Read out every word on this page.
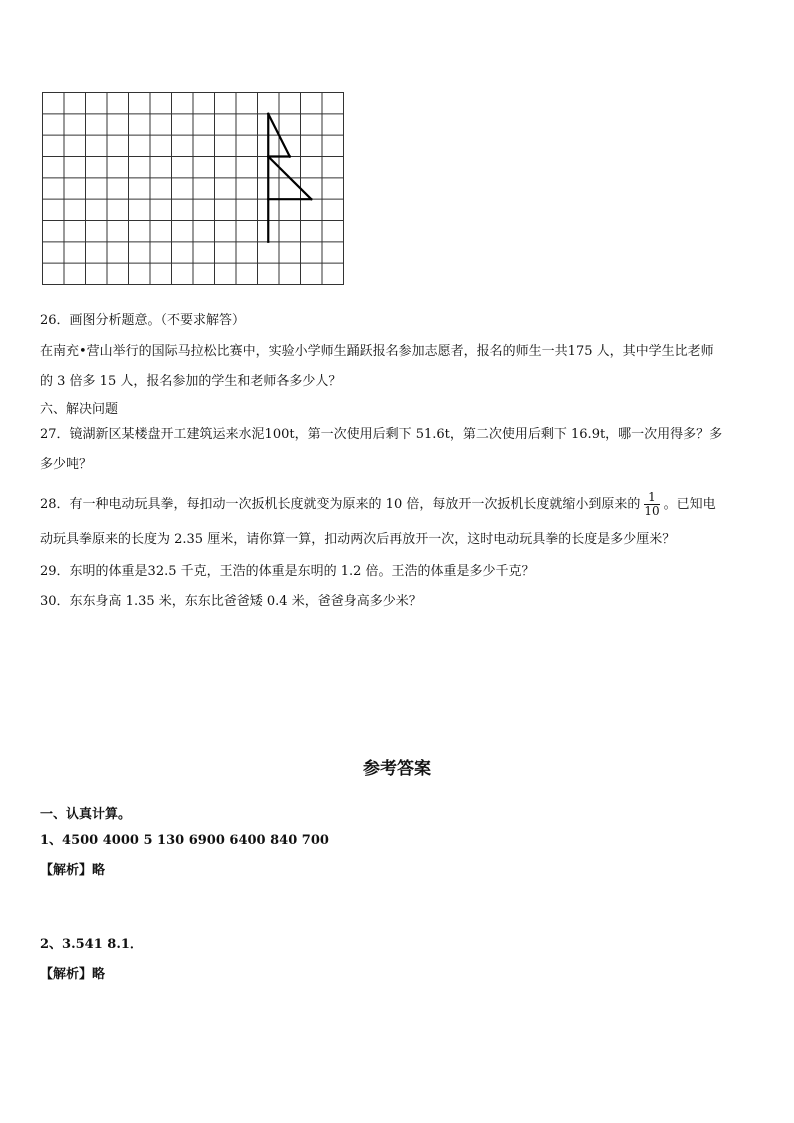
26．画图分析题意。（不要求解答）
在南充•营山举行的国际马拉松比赛中，实验小学师生踊跃报名参加志愿者，报名的师生一共175 人，其中学生比老师
的 3 倍多 15 人，报名参加的学生和老师各多少人？
六、解决问题
27．镜湖新区某楼盘开工建筑运来水泥100t，第一次使用后剩下 51.6t，第二次使用后剩下 16.9t，哪一次用得多？多
多少吨？
28．有一种电动玩具拳，每扣动一次扳机长度就变为原来的 10 倍，每放开一次扳机长度就缩小到原来的 $\frac{1}{10}$ 。已知电
动玩具拳原来的长度为 2.35 厘米，请你算一算，扣动两次后再放开一次，这时电动玩具拳的长度是多少厘米？
29．东明的体重是32.5 千克，王浩的体重是东明的 1.2 倍。王浩的体重是多少千克？
30．东东身高 1.35 米，东东比爸爸矮 0.4 米，爸爸身高多少米？
参考答案
一、认真计算。
1、4500 4000 5 130 6900 6400 840 700
【解析】略
2、3.541 8.1．
【解析】略
